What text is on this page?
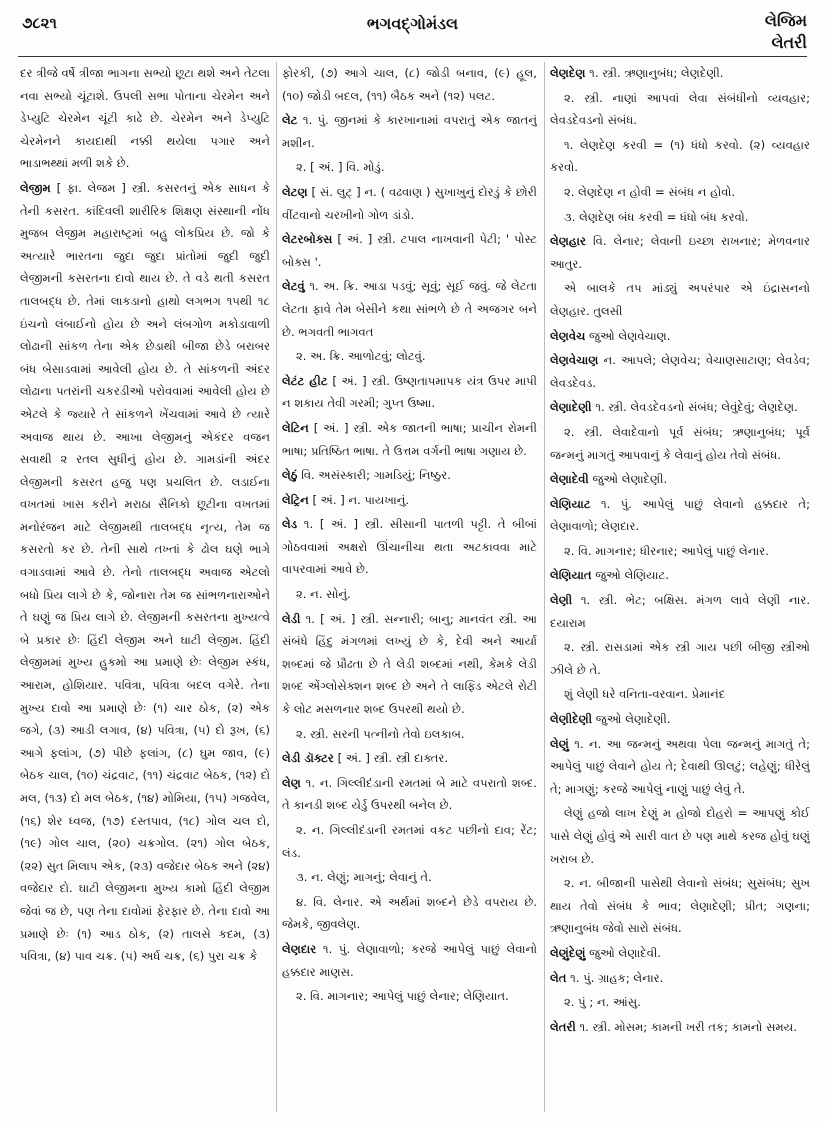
૭૮૨૧	ભગવદ્ગોમંડલ	લેજિમ
લેતરી

દર ત્રીજે વર્ષે ત્રીજા ભાગના સભ્યો છૂટા થશે અને તેટલા નવા સભ્યો ચૂંટાશે. ઉપલી સભા પોતાના ચેરમેન અને ડેપ્યુટિ ચેરમેન ચૂંટી કાઢે છે. ચેરમેન અને ડેપ્યુટિ ચેરમેનને કાયદાથી નક્કી થયેલા પગાર અને ભાડાભથ્થાં મળી શકે છે.

લેજીમ [ ફા. લેજમ ] સ્ત્રી. કસરતનું એક સાધન કે તેની કસરત. કાંદિવલી શારીરિક શિક્ષણ સંસ્થાની નોંધ મુજબ લેજીમ મહારાષ્ટ્રમાં બહુ લોકપ્રિય છે. જો કે અત્યારે ભારતના જુદા જુદા પ્રાંતોમાં જુદી જુદી લેજીમની કસરતના દાવો થાય છે. તે વડે થતી કસરત તાલબદ્ધ છે. તેમાં લાકડાનો હાથો લગભગ ૧૫થી ૧૮ ઇંચનો લંબાઈનો હોય છે અને લંબગોળ મકોડાવાળી લોઢાની સાંકળ તેના એક છેડાથી બીજા છેડે બરાબર બંધ બેસાડવામાં આવેલી હોય છે. તે સાંકળની અંદર લોઢાના પતરાંની ચકરડીઓ પરોવવામાં આવેલી હોય છે એટલે કે જ્યારે તે સાંકળને ખેંચવામાં આવે છે ત્યારે અવાજ થાય છે. આખા લેજીમનું એકંદર વજન સવાથી ૨ રતલ સુધીનું હોય છે. ગામડાંની અંદર લેજીમની કસરત હજુ પણ પ્રચલિત છે. લડાઈના વખતમાં ખાસ કરીને મરાઠા સૈનિકો છૂટીના વખતમાં મનોરંજન માટે લેજીમથી તાલબદ્ધ નૃત્ય, તેમ જ કસરતો કર છે. તેની સાથે તખ્તાં કે ઢોલ ઘણે ભાગે વગાડવામાં આવે છે. તેનો તાલબદ્ધ અવાજ એટલો બધો પ્રિય લાગે છે કે, જોનારા તેમ જ સાંભળનારાઓને તે ઘણું જ પ્રિય લાગે છે. લેજીમની કસરતના મુખ્યત્વે બે પ્રકાર છેઃ હિંદી લેજીમ અને ઘાટી લેજીમ. હિંદી લેજીમમાં મુખ્ય હુકમો આ પ્રમાણે છેઃ લેજીમ સ્કંધ, આરામ, હોશિયાર. પવિત્રા, પવિત્રા બદલ વગેરે. તેના મુખ્ય દાવો આ પ્રમાણે છેઃ (૧) ચાર ઠોક, (૨) એક જગે, (૩) આડી લગાવ, (૪) પવિત્રા, (૫) દો રૂખ, (૬) આગે ફલાંગ, (૭) પીછે ફલાંગ, (૮) ઘુમ જાવ, (૯) બેઠક ચાલ, (૧૦) ચંદ્રવાટ, (૧૧) ચંદ્રવાટ બેઠક, (૧૨) દો મલ, (૧૩) દો મલ બેઠક, (૧૪) મોમિયા, (૧૫) ગજવેલ, (૧૬) શેર ધ્વજ, (૧૭) દસ્તપાવ, (૧૮) ગોલ ચલ દો, (૧૯) ગોલ ચાલ, (૨૦) ચક્રગોલ. (૨૧) ગોલ બેઠક, (૨૨) સુત મિલાપ એક, (૨૩) વજેદાર બેઠક અને (૨૪) વજેદાર દો. ઘાટી લેજીમના મુખ્ય કામો હિંદી લેજીમ જેવાં જ છે, પણ તેના દાવોમાં ફેરફાર છે. તેના દાવો આ પ્રમાણે છેઃ (૧) આડ ઠોક, (૨) તાલસે કદમ, (૩) પવિત્રા, (૪) પાવ ચક્ર. (૫) અર્ધ ચક્ર, (૬) પુરા ચક્ર કે

ફોરકી, (૭) આગે ચાલ, (૮) જોડી બનાવ, (૯) હૂલ, (૧૦) જોડી બદલ, (૧૧) બૈઠક અને (૧૨) પલટ.

લેટ ૧. પું. જીનમાં કે કારખાનામાં વપરાતું એક જાતનું મશીન.

૨. [ અં. ] વિ. મોડું.

લેટણ [ સં. લુટ્ ] ન. ( વઢવાણ ) સુખાખુનું દોરડું કે છોરી વીંટવાનો ચરખીનો ગોળ ડાંડો.

લેટરબોક્સ [ અં. ] સ્ત્રી. ટપાલ નાખવાની પેટી; ' પોસ્ટ બોક્સ '.

લેટવું ૧. અ. ક્રિ. આડા પડવું; સૂવું; સૂઈ જવું. જે લેટતા લેટતા ફાવે તેમ બેસીને કથા સાંભળે છે તે અજગર બને છે. ભગવતી ભાગવત

૨. અ. ક્રિ. આળોટવું; લોટવું.

લેટંટ હીટ [ અં. ] સ્ત્રી. ઉષ્ણતાપમાપક યંત્ર ઉપર માપી ન શકાય તેવી ગરમી; ગુપ્ત ઉષ્મા.

લેટિન [ અં. ] સ્ત્રી. એક જાતની ભાષા; પ્રાચીન રોમની ભાષા; પ્રતિષ્ઠિત ભાષા. તે ઉત્તમ વર્ગની ભાષા ગણાય છે.

લેઠું વિ. અસંસ્કારી; ગામડિયું; નિષ્ઠુર.

લેટ્રિન [ અં. ] ન. પાયખાનું.

લેડ ૧. [ અં. ] સ્ત્રી. સીસાની પાતળી પટ્ટી. તે બીબાં ગોઠવવામાં અક્ષરો ઊંચાનીચા થતા અટકાવવા માટે વાપરવામાં આવે છે.

૨. ન. સોનું.

લેડી ૧. [ અં. ] સ્ત્રી. સન્નારી; બાનુ; માનવંત સ્ત્રી. આ સંબંધે હિંદુ મંગળમાં લખ્યું છે કે, દેવી અને આર્યા શબ્દમાં જે પ્રૌઢતા છે તે લેડી શબ્દમાં નથી, કેમકે લેડી શબ્દ એંગ્લોસેક્શન શબ્દ છે અને તે લાફ્ડિ એટલે રોટી કે લોટ મસળનાર શબ્દ ઉપરથી થયો છે.

૨. સ્ત્રી. સરની પત્નીનો તેવો ઇલકાબ.

લેડી ડૉક્ટર [ અં. ] સ્ત્રી. સ્ત્રી દાક્તર.

લેણ ૧. ન. ગિલ્લીદંડાની રમતમાં બે માટે વપરાતો શબ્દ. તે કાનડી શબ્દ યેર્ડુ ઉપરથી બનેલ છે.

૨. ન. ગિલ્લીદંડાની રમતમાં વકટ પછીનો દાવ; રેંટ; લંડ.

૩. ન. લેણું; માગનું; લેવાનું તે.

૪. વિ. લેનાર. એ અર્થમાં શબ્દને છેડે વપરાય છે. જેમકે, જીવલેણ.

લેણદાર ૧. પું. લેણાવાળો; કરજે આપેલું પાછું લેવાનો હક્કદાર માણસ.

૨. વિ. માગનાર; આપેલું પાછું લેનાર; લેણિયાત.

લેણદેણ ૧. સ્ત્રી. ઋણાનુબંધ; લેણદેણી.

૨. સ્ત્રી. નાણાં આપવાં લેવા સંબંધીનો વ્યવહાર; લેવડદેવડનો સંબંધ.

૧. લેણદેણ કરવી = (૧) ધંધો કરવો. (૨) વ્યવહાર કરવો.

૨. લેણદેણ ન હોવી = સંબંધ ન હોવો.

૩. લેણદેણ બંધ કરવી = ધંધો બંધ કરવો.

લેણહાર વિ. લેનાર; લેવાની ઇચ્છા રાખનાર; મેળવનાર આતુર.

એ બાલકે તપ માંડ્યું અપરંપાર એ ઇંદ્રાસનનો લેણહાર. તુલસી

લેણવેચ જુઓ લેણવેચાણ.

લેણવેચાણ ન. આપલે; લેણવેચ; વેચાણસાટાણ; લેવડેવ; લેવડદેવડ.

લેણાદેણી ૧. સ્ત્રી. લેવડદેવડનો સંબંધ; લેવુંદેવું; લેણદેણ.

૨. સ્ત્રી. લેવાદેવાનો પૂર્વ સંબંધ; ઋણાનુબંધ; પૂર્વ જન્મનું માગતું આપવાનું કે લેવાનું હોય તેવો સંબંધ.

લેણાદેવી જુઓ લેણાદેણી.

લેણિયાટ ૧. પું. આપેલું પાછું લેવાનો હક્કદાર તે; લેણાવાળો; લેણદાર.

૨. વિ. માગનાર; ધીરનાર; આપેલું પાછું લેનાર.

લેણિયાત જુઓ લેણિયાટ.

લેણી ૧. સ્ત્રી. ભેટ; બક્ષિસ. મંગળ લાવે લેણી નાર. દયારામ

૨. સ્ત્રી. રાસડામાં એક સ્ત્રી ગાય પછી બીજી સ્ત્રીઓ ઝીલે છે તે.

શું લેણી ધરે વનિતા-વરવાન. પ્રેમાનંદ

લેણીદેણી જુઓ લેણાદેણી.

લેણું ૧. ન. આ જન્મનું અથવા પેલા જન્મનું માગતું તે; આપેલું પાછું લેવાને હોય તે; દેવાથી ઊલટું; લહેણું; ધીરેલું તે; માગણું; કરજે આપેલું નાણું પાછું લેવું તે.

લેણું હજો લાખ દેણું મ હોજો દોહરો = આપણું કોઈ પાસે લેણું હોવું એ સારી વાત છે પણ માથે કરજ હોવું ઘણું ખરાબ છે.

૨. ન. બીજાની પાસેથી લેવાનો સંબંધ; સુસંબંધ; સુખ થાય તેવો સંબંધ કે ભાવ; લેણાદેણી; પ્રીત; ગણના; ઋણાનુબંધ જેવો સારો સંબંધ.

લેણુંદેણું જુઓ લેણાદેવી.

લેત ૧. પું. ગ્રાહક; લેનાર.

૨. પું ; ન. આંસુ.

લેતરી ૧. સ્ત્રી. મોસમ; કામની ખરી તક; કામનો સમય.
